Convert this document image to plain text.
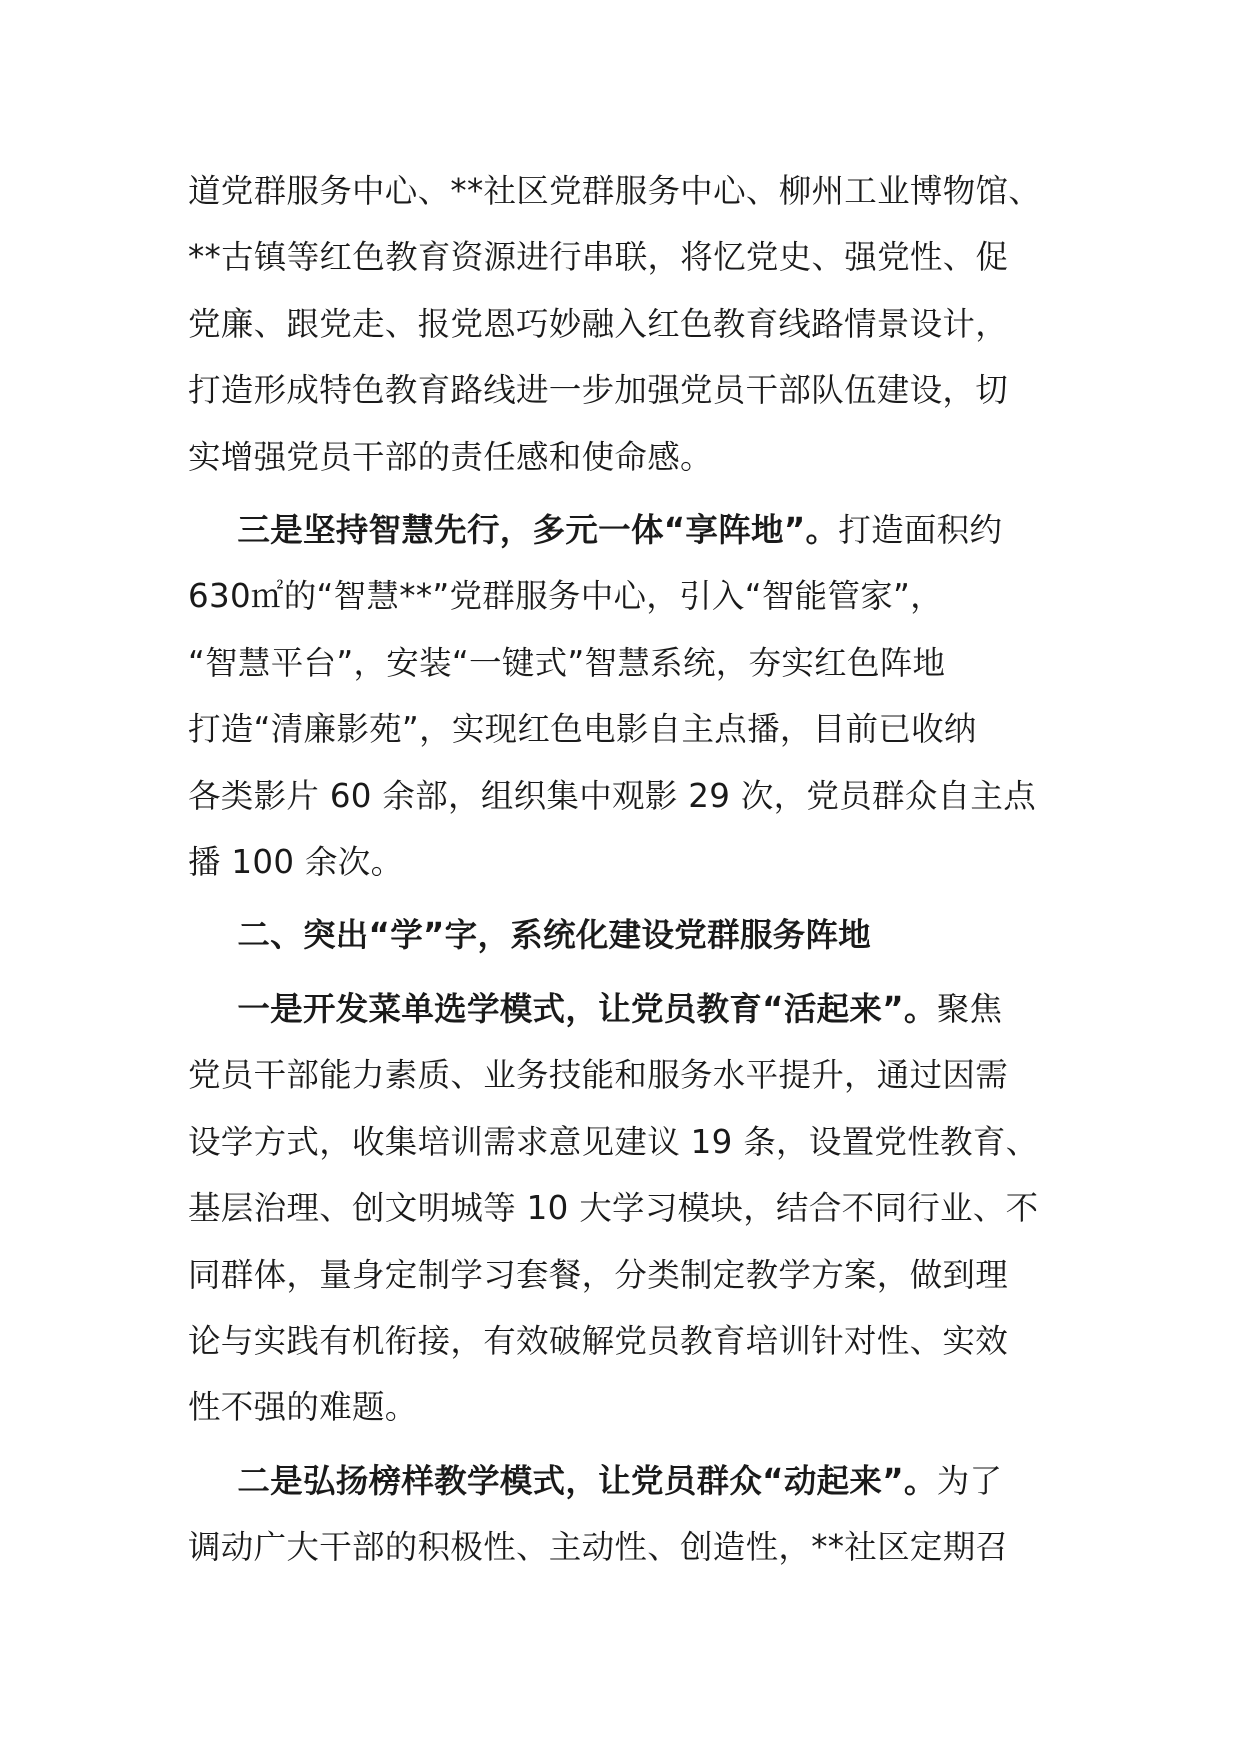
道党群服务中心、**社区党群服务中心、柳州工业博物馆、
**古镇等红色教育资源进行串联，将忆党史、强党性、促
党廉、跟党走、报党恩巧妙融入红色教育线路情景设计，
打造形成特色教育路线进一步加强党员干部队伍建设，切
实增强党员干部的责任感和使命感。
  三是坚持智慧先行，多元一体“享阵地”。打造面积约
630㎡的“智慧**”党群服务中心，引入“智能管家”，
“智慧平台”，安装“一键式”智慧系统，夯实红色阵地
打造“清廉影苑”，实现红色电影自主点播，目前已收纳
各类影片 60 余部，组织集中观影 29 次，党员群众自主点
播 100 余次。
  二、突出“学”字，系统化建设党群服务阵地
  一是开发菜单选学模式，让党员教育“活起来”。聚焦
党员干部能力素质、业务技能和服务水平提升，通过因需
设学方式，收集培训需求意见建议 19 条，设置党性教育、
基层治理、创文明城等 10 大学习模块，结合不同行业、不
同群体，量身定制学习套餐，分类制定教学方案，做到理
论与实践有机衔接，有效破解党员教育培训针对性、实效
性不强的难题。
  二是弘扬榜样教学模式，让党员群众“动起来”。为了
调动广大干部的积极性、主动性、创造性，**社区定期召
